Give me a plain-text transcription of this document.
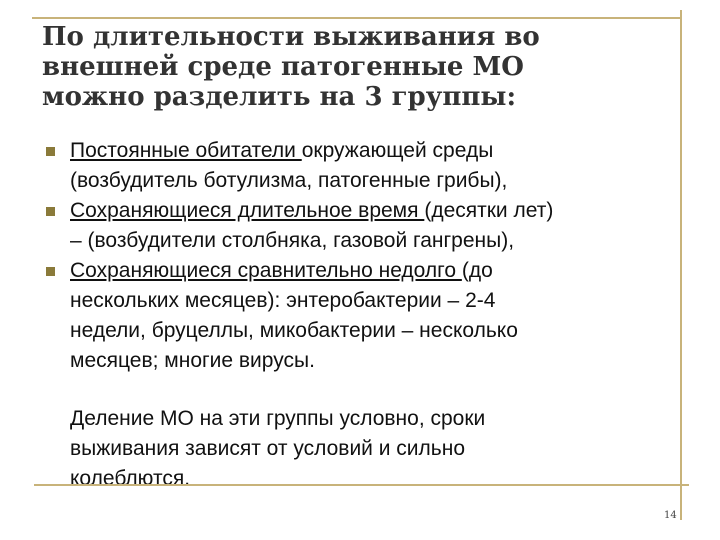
По длительности выживания во
внешней среде патогенные МО
можно разделить на 3 группы:
Постоянные обитатели окружающей среды
(возбудитель ботулизма, патогенные грибы),
Сохраняющиеся длительное время (десятки лет)
– (возбудители столбняка, газовой гангрены),
Сохраняющиеся сравнительно недолго (до
нескольких месяцев): энтеробактерии – 2-4
недели, бруцеллы, микобактерии – несколько
месяцев; многие вирусы.
Деление МО на эти группы условно, сроки
выживания зависят от условий и сильно
колеблются.
14
